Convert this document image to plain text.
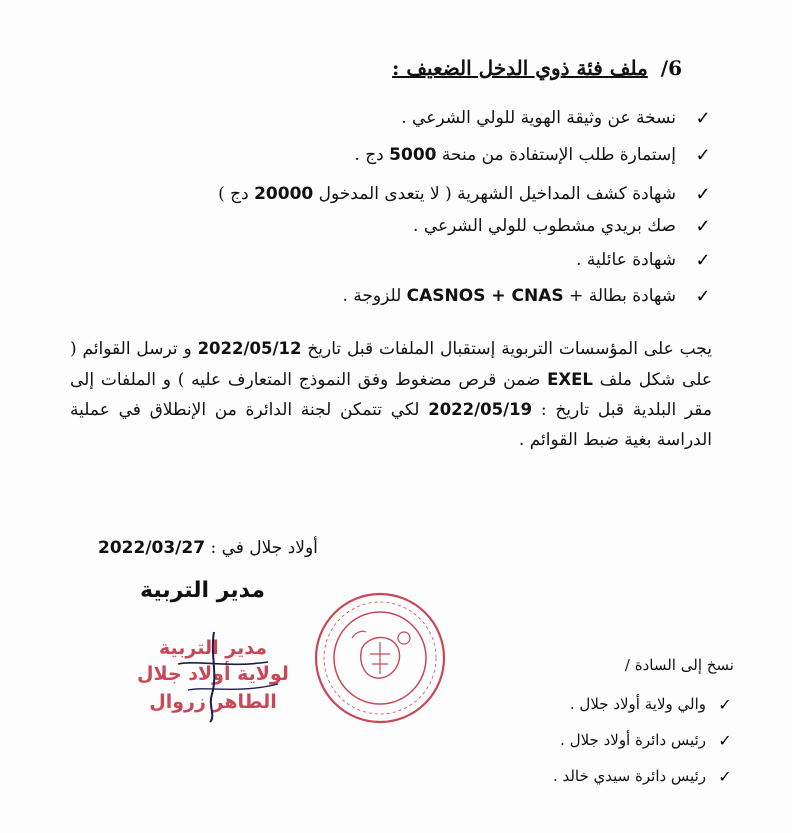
6/ ملف فئة ذوي الدخل الضعيف :
✓
نسخة عن وثيقة الهوية للولي الشرعي .
✓
إستمارة طلب الإستفادة من منحة 5000 دج .
✓
شهادة كشف المداخيل الشهرية ( لا يتعدى المدخول 20000 دج )
✓
صك بريدي مشطوب للولي الشرعي .
✓
شهادة عائلية .
✓
شهادة بطالة + CASNOS + CNAS للزوجة .
يجب على المؤسسات التربوية إستقبال الملفات قبل تاريخ 2022/05/12 و ترسل القوائم ( على شكل ملف EXEL ضمن قرص مضغوط وفق النموذج المتعارف عليه ) و الملفات إلى مقر البلدية قبل تاريخ : 2022/05/19 لكي تتمكن لجنة الدائرة من الإنطلاق في عملية الدراسة بغية ضبط القوائم .
أولاد جلال في : 2022/03/27
مدير التربية
مدير التربية
لولاية أولاد جلال
الطاهر زروال
نسخ إلى السادة /
✓
والي ولاية أولاد جلال .
✓
رئيس دائرة أولاد جلال .
✓
رئيس دائرة سيدي خالد .
